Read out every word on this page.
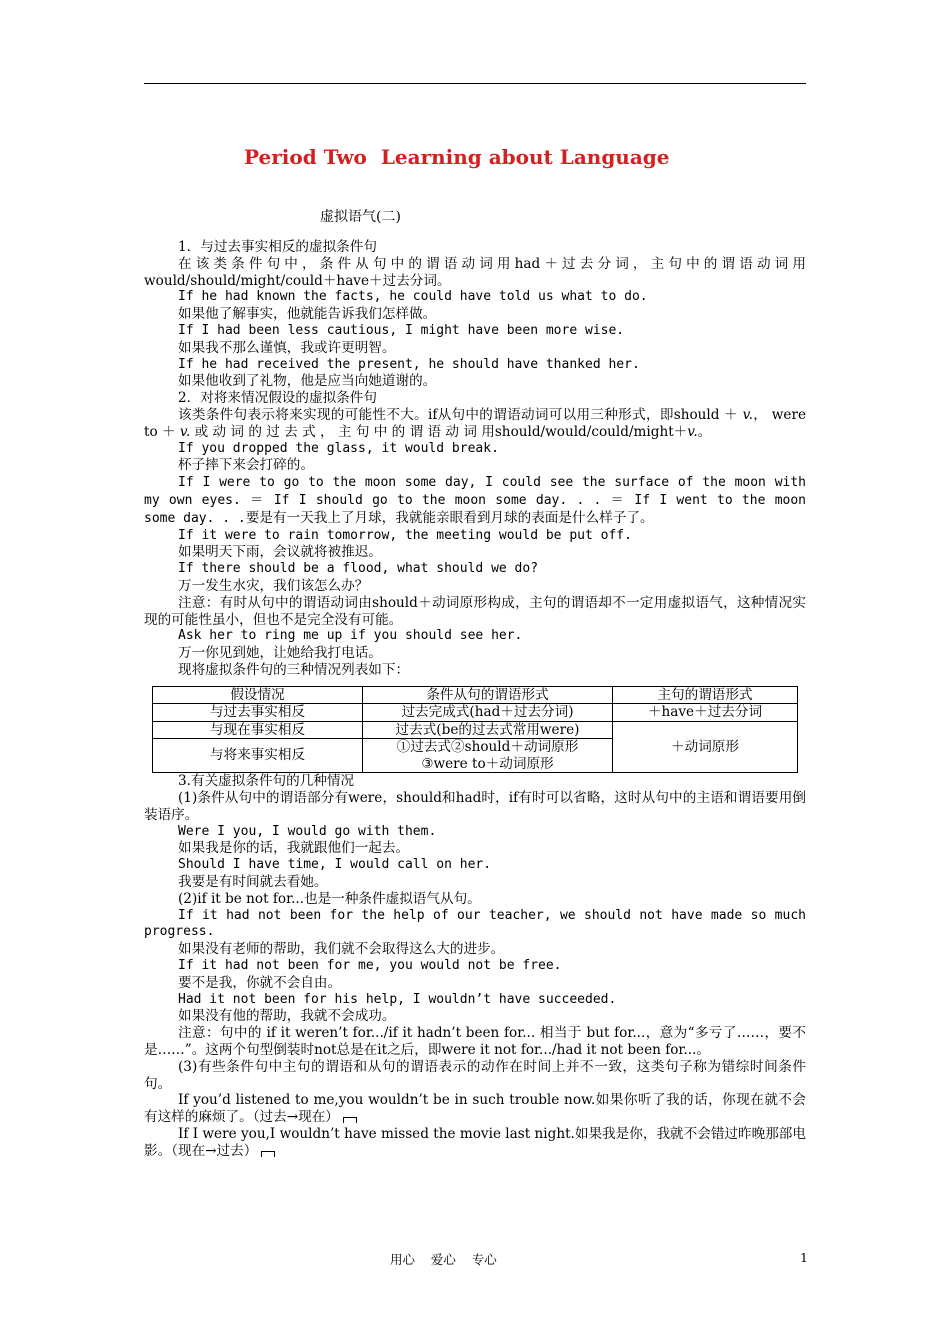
Period Two  Learning about Language
虚拟语气(二)

1．与过去事实相反的虚拟条件句

在该类条件句中，条件从句中的谓语动词用had＋过去分词，主句中的谓语动词用would/should/might/could＋have＋过去分词。

If he had known the facts, he could have told us what to do.

如果他了解事实，他就能告诉我们怎样做。

If I had been less cautious, I might have been more wise.

如果我不那么谨慎，我或许更明智。

If he had received the present, he should have thanked her.

如果他收到了礼物，他是应当向她道谢的。

2．对将来情况假设的虚拟条件句

该类条件句表示将来实现的可能性不大。if从句中的谓语动词可以用三种形式，即should ＋ v.， were to ＋ v. 或 动 词 的 过 去 式 ， 主 句 中 的 谓 语 动 词 用should/would/could/might＋v.。

If you dropped the glass, it would break.

杯子摔下来会打碎的。

If I were to go to the moon some day, I could see the surface of the moon with my own eyes. ＝ If I should go to the moon some day. . . ＝ If I went to the moon some day. . .要是有一天我上了月球，我就能亲眼看到月球的表面是什么样子了。

If it were to rain tomorrow, the meeting would be put off.

如果明天下雨，会议就将被推迟。

If there should be a flood, what should we do?

万一发生水灾，我们该怎么办？

注意：有时从句中的谓语动词由should＋动词原形构成，主句的谓语却不一定用虚拟语气，这种情况实现的可能性虽小，但也不是完全没有可能。

Ask her to ring me up if you should see her.

万一你见到她，让她给我打电话。

现将虚拟条件句的三种情况列表如下：

假设情况	条件从句的谓语形式	主句的谓语形式
与过去事实相反	过去完成式(had＋过去分词)	＋have＋过去分词
与现在事实相反	过去式(be的过去式常用were)	＋动词原形
与将来事实相反	①过去式②should＋动词原形
③were to＋动词原形	

3.有关虚拟条件句的几种情况

(1)条件从句中的谓语部分有were，should和had时，if有时可以省略，这时从句中的主语和谓语要用倒装语序。

Were I you, I would go with them.

如果我是你的话，我就跟他们一起去。

Should I have time, I would call on her.

我要是有时间就去看她。

(2)if it be not for...也是一种条件虚拟语气从句。

If it had not been for the help of our teacher, we should not have made so much progress.

如果没有老师的帮助，我们就不会取得这么大的进步。

If it had not been for me, you would not be free.

要不是我，你就不会自由。

Had it not been for his help, I wouldn’t have succeeded.

如果没有他的帮助，我就不会成功。

注意：句中的 if it weren’t for.../if it hadn’t been for... 相当于 but for...，意为“多亏了……，要不是……”。这两个句型倒装时not总是在it之后，即were it not for.../had it not been for...。

(3)有些条件句中主句的谓语和从句的谓语表示的动作在时间上并不一致，这类句子称为错综时间条件句。

If you’d listened to me,you wouldn’t be in such trouble now.如果你听了我的话，你现在就不会有这样的麻烦了。（过去→现在）

If I were you,I wouldn’t have missed the movie last night.如果我是你，我就不会错过昨晚那部电影。（现在→过去）

用心    爱心    专心	1
